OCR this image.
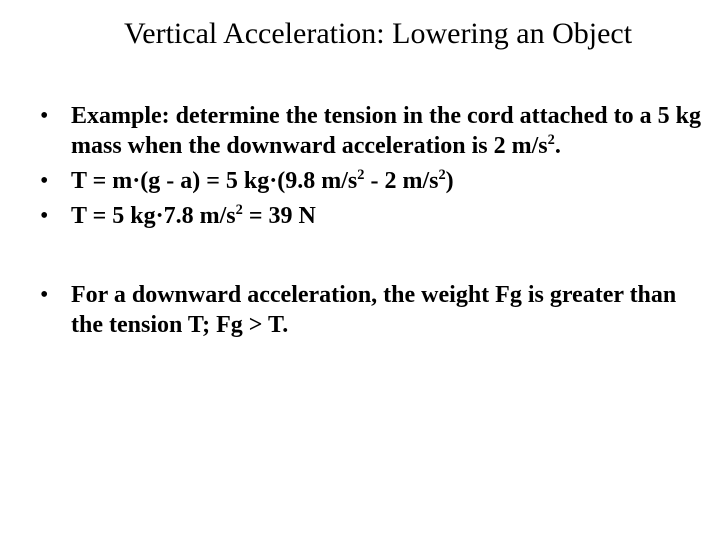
Vertical Acceleration: Lowering an Object
• Example: determine the tension in the cord attached to a 5 kg mass when the downward acceleration is 2 $m/s^2$.
• T = m·(g - a) = 5 kg·(9.8 $m/s^2 - 2$ $m/s^2$)
• T = 5 kg·7.8 $m/s^2 = 39$ N
• For a downward acceleration, the weight Fg is greater than the tension T; Fg > T.
